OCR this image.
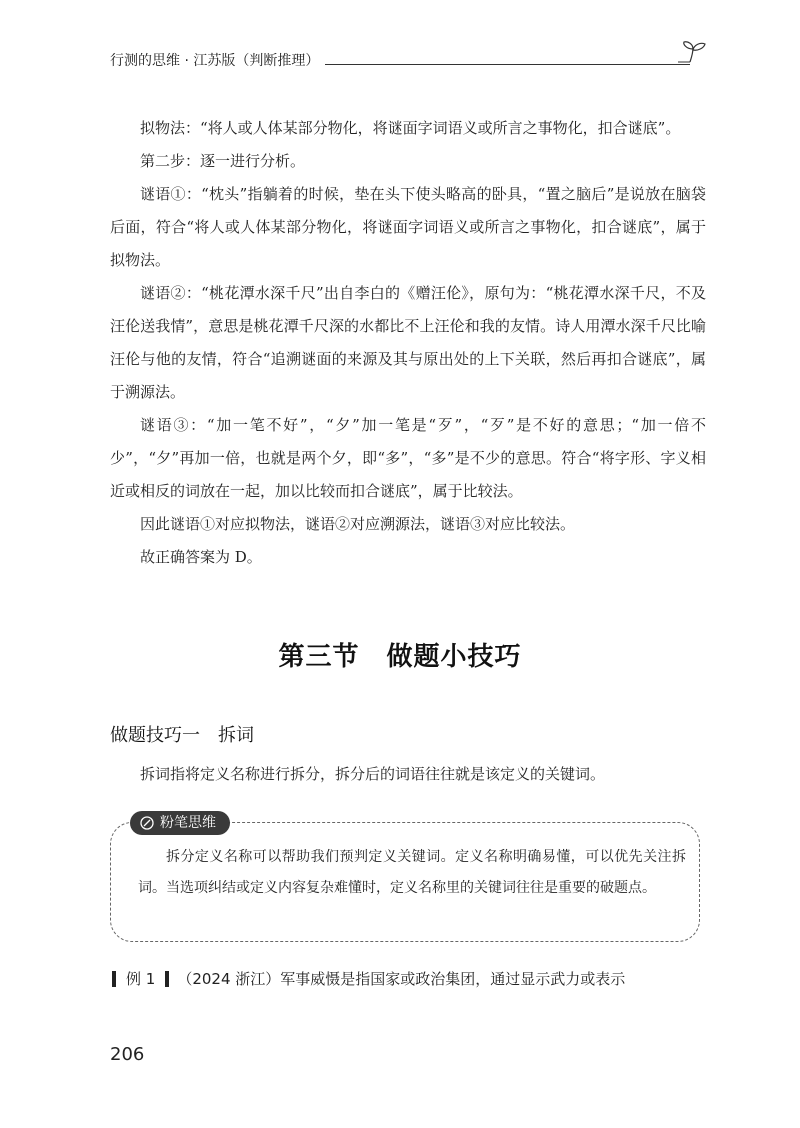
行测的思维 · 江苏版（判断推理）

拟物法：“将人或人体某部分物化，将谜面字词语义或所言之事物化，扣合谜底”。

第二步：逐一进行分析。

谜语①：“枕头”指躺着的时候，垫在头下使头略高的卧具，“置之脑后”是说放在脑袋后面，符合“将人或人体某部分物化，将谜面字词语义或所言之事物化，扣合谜底”，属于拟物法。

谜语②：“桃花潭水深千尺”出自李白的《赠汪伦》，原句为：“桃花潭水深千尺，不及汪伦送我情”，意思是桃花潭千尺深的水都比不上汪伦和我的友情。诗人用潭水深千尺比喻汪伦与他的友情，符合“追溯谜面的来源及其与原出处的上下关联，然后再扣合谜底”，属于溯源法。

谜语③：“加一笔不好”，“夕”加一笔是“歹”，“歹”是不好的意思；“加一倍不少”，“夕”再加一倍，也就是两个夕，即“多”，“多”是不少的意思。符合“将字形、字义相近或相反的词放在一起，加以比较而扣合谜底”，属于比较法。

因此谜语①对应拟物法，谜语②对应溯源法，谜语③对应比较法。

故正确答案为 D。

第三节　做题小技巧
做题技巧一　拆词
拆词指将定义名称进行拆分，拆分后的词语往往就是该定义的关键词。
粉笔思维

拆分定义名称可以帮助我们预判定义关键词。定义名称明确易懂，可以优先关注拆词。当选项纠结或定义内容复杂难懂时，定义名称里的关键词往往是重要的破题点。

例 1 （2024 浙江）军事威慑是指国家或政治集团，通过显示武力或表示
206
